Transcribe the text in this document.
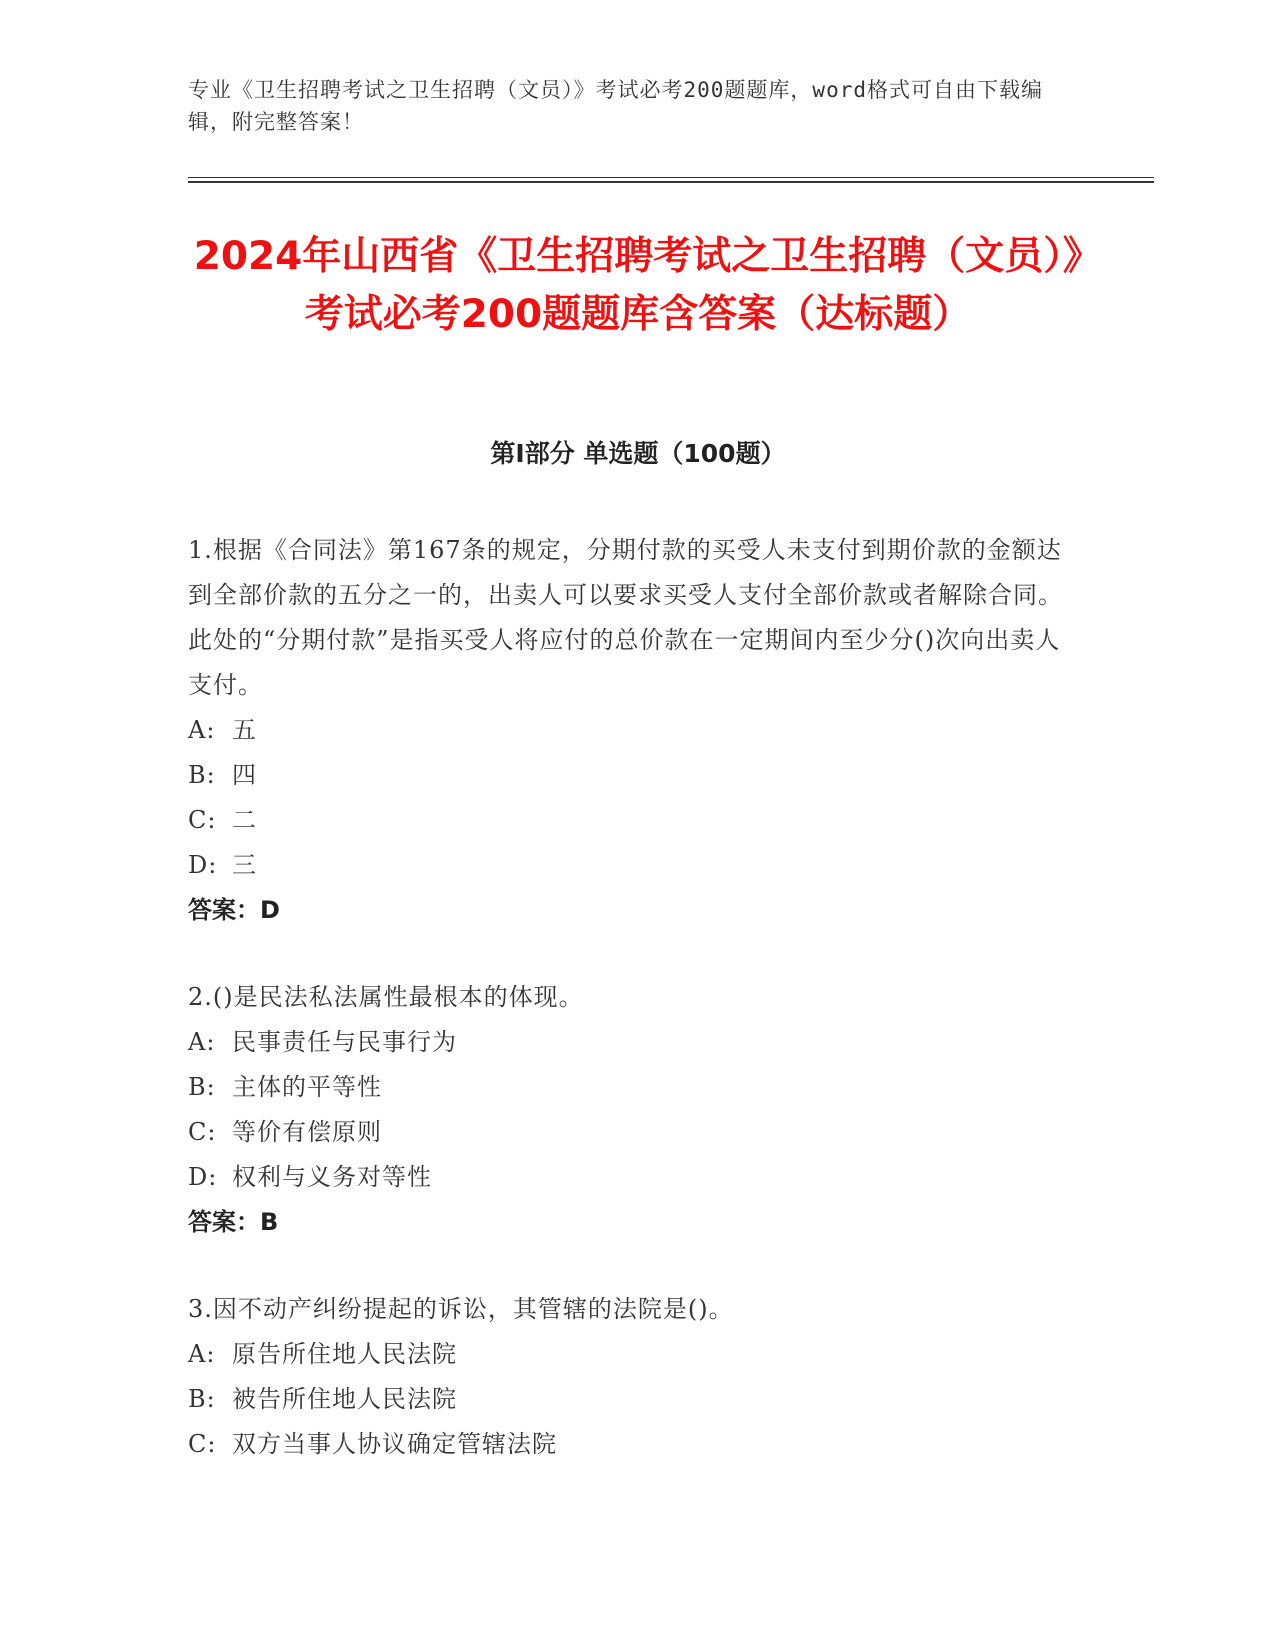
专业《卫生招聘考试之卫生招聘（文员）》考试必考200题题库，word格式可自由下载编辑，附完整答案！
2024年山西省《卫生招聘考试之卫生招聘（文员）》考试必考200题题库含答案（达标题）
第Ⅰ部分 单选题（100题）
1.根据《合同法》第167条的规定，分期付款的买受人未支付到期价款的金额达到全部价款的五分之一的，出卖人可以要求买受人支付全部价款或者解除合同。此处的“分期付款”是指买受人将应付的总价款在一定期间内至少分()次向出卖人支付。
A: 五
B: 四
C: 二
D: 三
答案：D
2.()是民法私法属性最根本的体现。
A: 民事责任与民事行为
B: 主体的平等性
C: 等价有偿原则
D: 权利与义务对等性
答案：B
3.因不动产纠纷提起的诉讼，其管辖的法院是()。
A: 原告所住地人民法院
B: 被告所住地人民法院
C: 双方当事人协议确定管辖法院
